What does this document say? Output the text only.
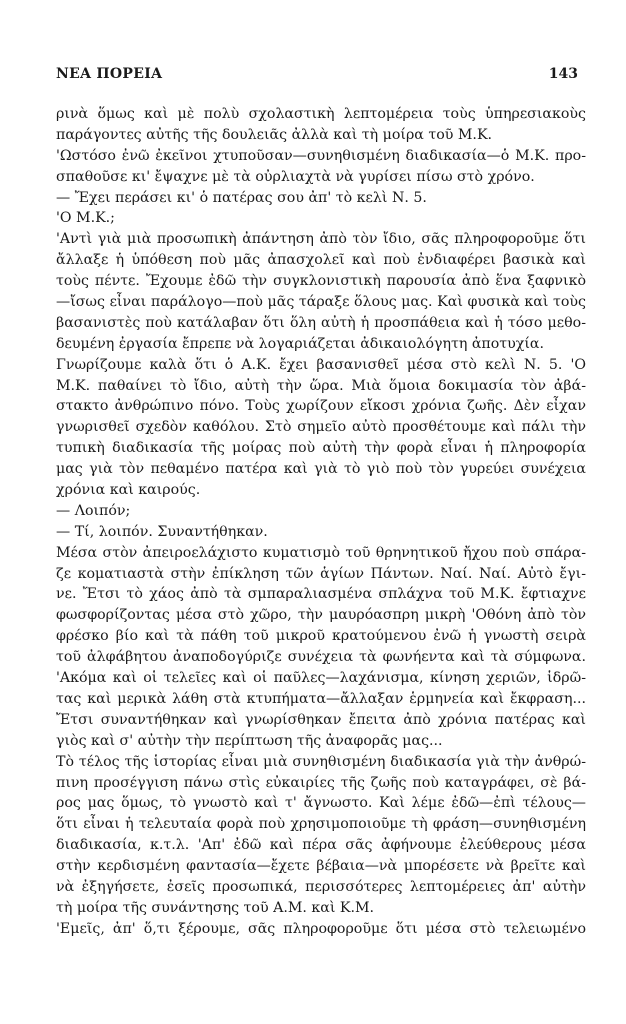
ΝΕΑ ΠΟΡΕΙΑ	143
ρινὰ ὅμως καὶ μὲ πολὺ σχολαστικὴ λεπτομέρεια τοὺς ὑπηρεσιακοὺς
παράγοντες αὐτῆς τῆς δουλειᾶς ἀλλὰ καὶ τὴ μοίρα τοῦ Μ.Κ.
'Ωστόσο ἐνῶ ἐκεῖνοι χτυποῦσαν—συνηθισμένη διαδικασία—ὁ Μ.Κ. προ-
σπαθοῦσε κι' ἔψαχνε μὲ τὰ οὐρλιαχτὰ νὰ γυρίσει πίσω στὸ χρόνο.
— Ἔχει περάσει κι' ὁ πατέρας σου ἀπ' τὸ κελὶ Ν. 5.
'Ο Μ.Κ.;
'Αντὶ γιὰ μιὰ προσωπικὴ ἀπάντηση ἀπὸ τὸν ἴδιο, σᾶς πληροφοροῦμε ὅτι
ἄλλαξε ἡ ὑπόθεση ποὺ μᾶς ἀπασχολεῖ καὶ ποὺ ἐνδιαφέρει βασικὰ καὶ
τοὺς πέντε. Ἔχουμε ἐδῶ τὴν συγκλονιστικὴ παρουσία ἀπὸ ἕνα ξαφνικὸ
—ἴσως εἶναι παράλογο—ποὺ μᾶς τάραξε ὅλους μας. Καὶ φυσικὰ καὶ τοὺς
βασανιστὲς ποὺ κατάλαβαν ὅτι ὅλη αὐτὴ ἡ προσπάθεια καὶ ἡ τόσο μεθο-
δευμένη ἐργασία ἔπρεπε νὰ λογαριάζεται ἀδικαιολόγητη ἀποτυχία.
Γνωρίζουμε καλὰ ὅτι ὁ Α.Κ. ἔχει βασανισθεῖ μέσα στὸ κελὶ Ν. 5. 'Ο
Μ.Κ. παθαίνει τὸ ἴδιο, αὐτὴ τὴν ὥρα. Μιὰ ὅμοια δοκιμασία τὸν ἀβά-
στακτο ἀνθρώπινο πόνο. Τοὺς χωρίζουν εἴκοσι χρόνια ζωῆς. Δὲν εἶχαν
γνωρισθεῖ σχεδὸν καθόλου. Στὸ σημεῖο αὐτὸ προσθέτουμε καὶ πάλι τὴν
τυπικὴ διαδικασία τῆς μοίρας ποὺ αὐτὴ τὴν φορὰ εἶναι ἡ πληροφορία
μας γιὰ τὸν πεθαμένο πατέρα καὶ γιὰ τὸ γιὸ ποὺ τὸν γυρεύει συνέχεια
χρόνια καὶ καιρούς.
— Λοιπόν;
— Τί, λοιπόν. Συναντήθηκαν.
Μέσα στὸν ἀπειροελάχιστο κυματισμὸ τοῦ θρηνητικοῦ ἤχου ποὺ σπάρα-
ζε κοματιαστὰ στὴν ἐπίκληση τῶν ἁγίων Πάντων. Ναί. Ναί. Αὐτὸ ἔγι-
νε. Ἔτσι τὸ χάος ἀπὸ τὰ σμπαραλιασμένα σπλάχνα τοῦ Μ.Κ. ἔφτιαχνε
φωσφορίζοντας μέσα στὸ χῶρο, τὴν μαυρόασπρη μικρὴ 'Οθόνη ἀπὸ τὸν
φρέσκο βίο καὶ τὰ πάθη τοῦ μικροῦ κρατούμενου ἐνῶ ἡ γνωστὴ σειρὰ
τοῦ ἀλφάβητου ἀναποδογύριζε συνέχεια τὰ φωνήεντα καὶ τὰ σύμφωνα.
'Ακόμα καὶ οἱ τελεῖες καὶ οἱ παῦλες—λαχάνισμα, κίνηση χεριῶν, ἱδρῶ-
τας καὶ μερικὰ λάθη στὰ κτυπήματα—ἄλλαξαν ἑρμηνεία καὶ ἔκφραση...
Ἔτσι συναντήθηκαν καὶ γνωρίσθηκαν ἔπειτα ἀπὸ χρόνια πατέρας καὶ
γιὸς καὶ σ' αὐτὴν τὴν περίπτωση τῆς ἀναφορᾶς μας...
Τὸ τέλος τῆς ἱστορίας εἶναι μιὰ συνηθισμένη διαδικασία γιὰ τὴν ἀνθρώ-
πινη προσέγγιση πάνω στὶς εὐκαιρίες τῆς ζωῆς ποὺ καταγράφει, σὲ βά-
ρος μας ὅμως, τὸ γνωστὸ καὶ τ' ἄγνωστο. Καὶ λέμε ἐδῶ—ἐπὶ τέλους—
ὅτι εἶναι ἡ τελευταία φορὰ ποὺ χρησιμοποιοῦμε τὴ φράση—συνηθισμένη
διαδικασία, κ.τ.λ. 'Απ' ἐδῶ καὶ πέρα σᾶς ἀφήνουμε ἐλεύθερους μέσα
στὴν κερδισμένη φαντασία—ἔχετε βέβαια—νὰ μπορέσετε νὰ βρεῖτε καὶ
νὰ ἐξηγήσετε, ἐσεῖς προσωπικά, περισσότερες λεπτομέρειες ἀπ' αὐτὴν
τὴ μοίρα τῆς συνάντησης τοῦ Α.Μ. καὶ Κ.Μ.
'Εμεῖς, ἀπ' ὅ,τι ξέρουμε, σᾶς πληροφοροῦμε ὅτι μέσα στὸ τελειωμένο
